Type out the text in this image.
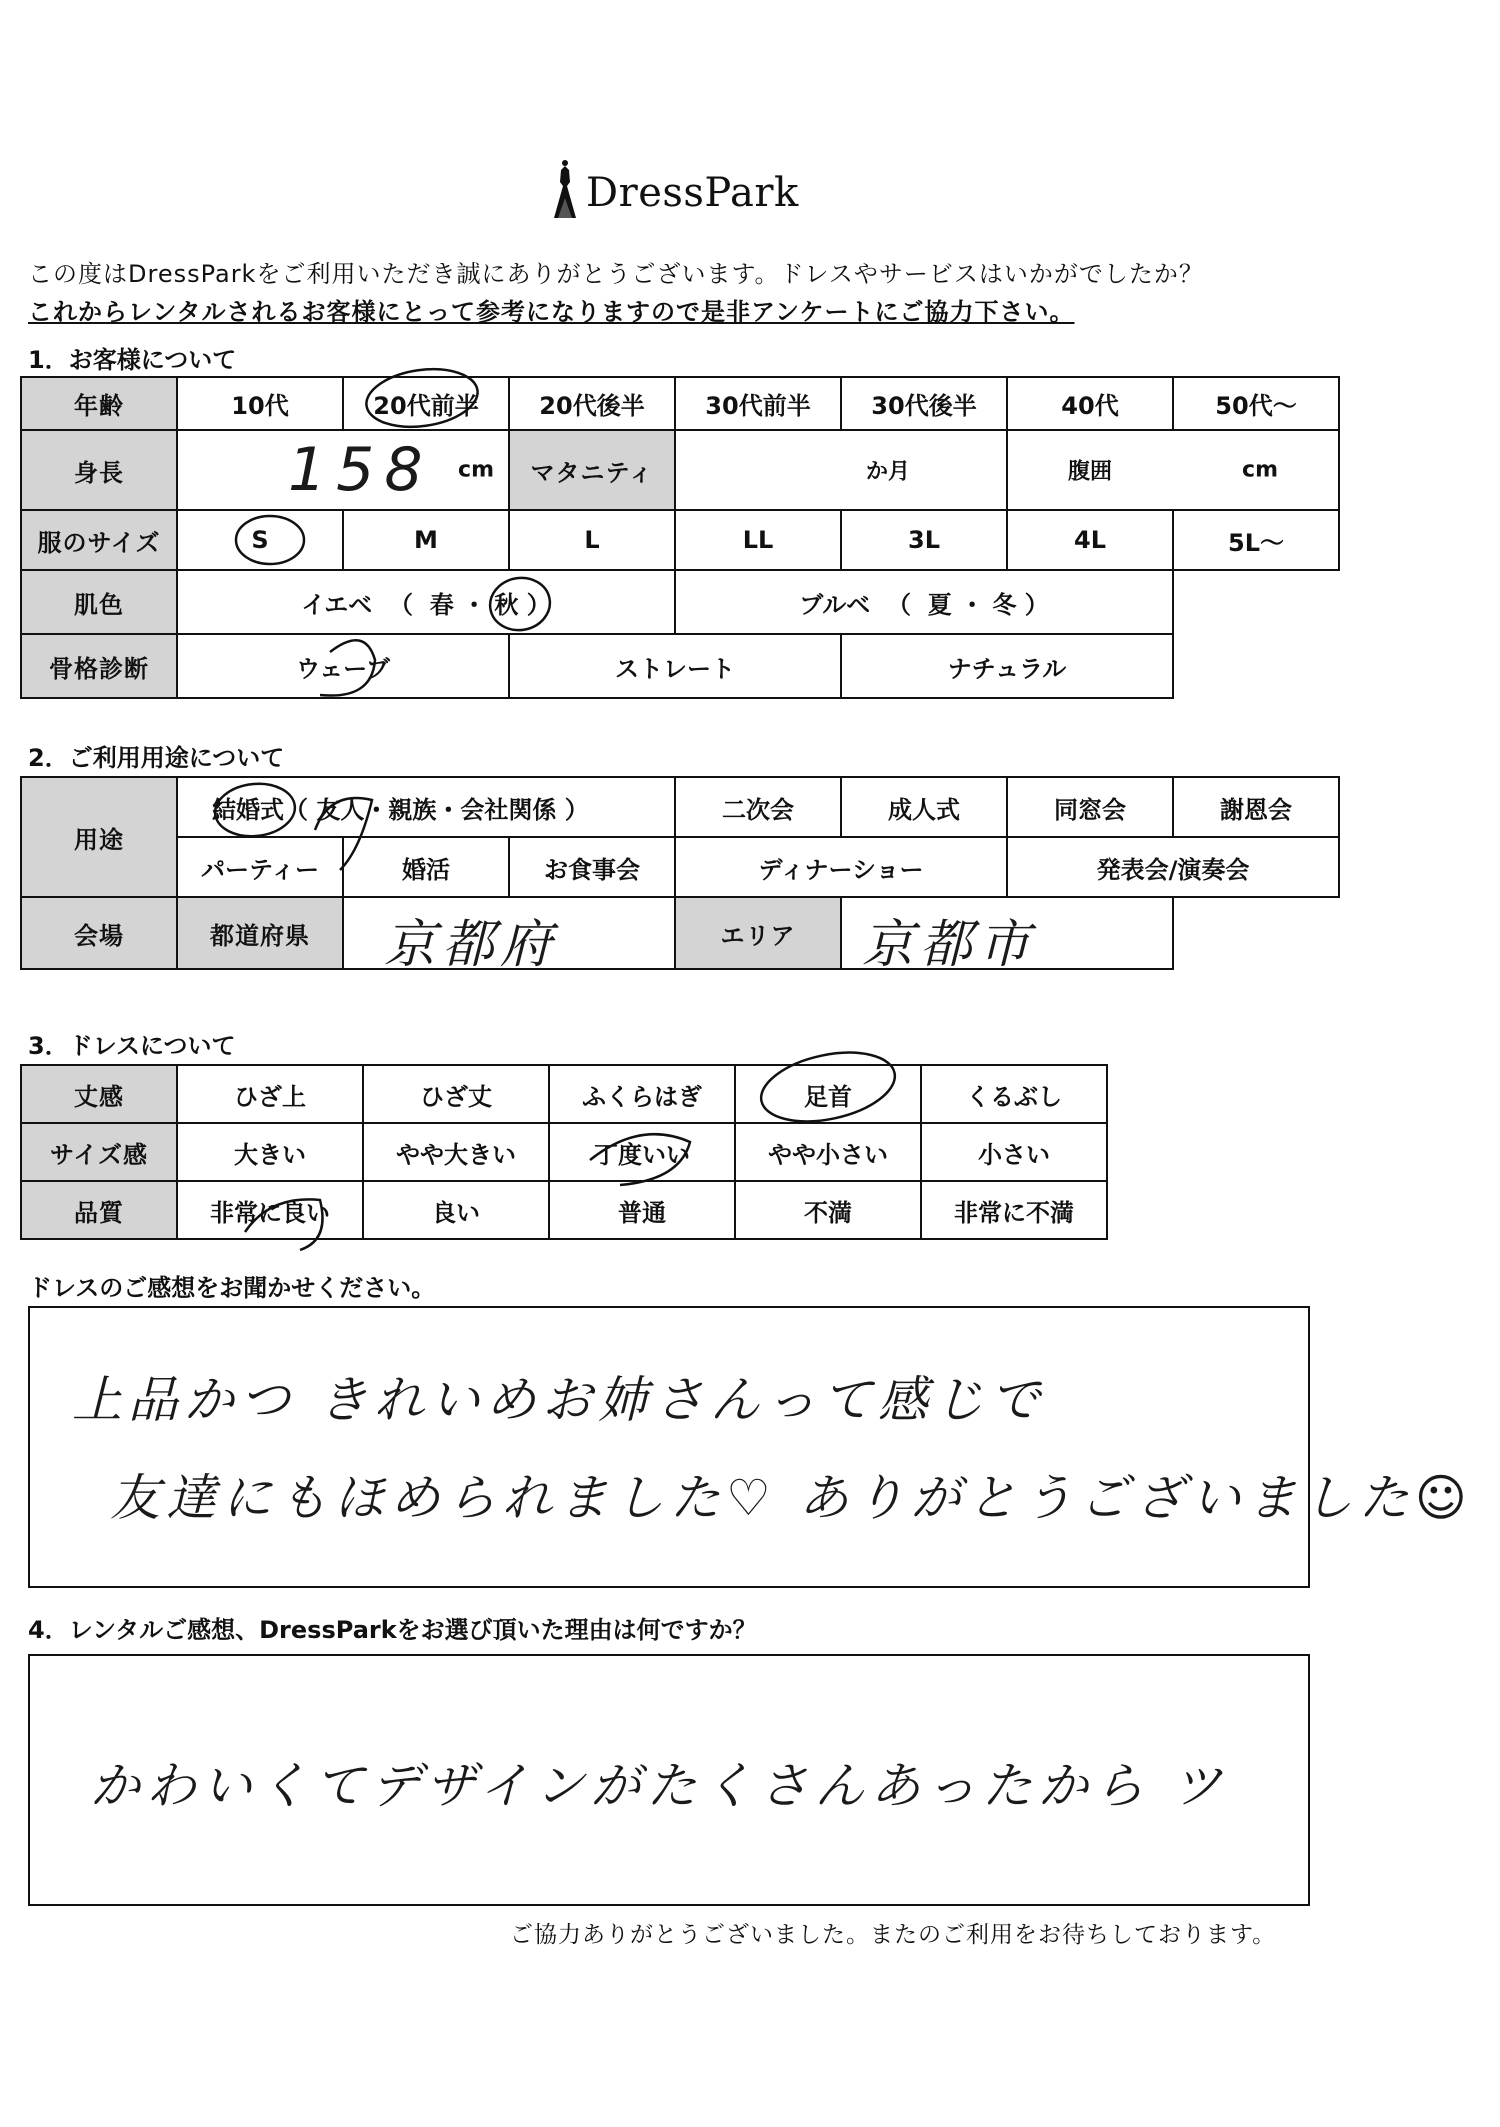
DressPark
この度はDressParkをご利用いただき誠にありがとうございます。ドレスやサービスはいかがでしたか？
これからレンタルされるお客様にとって参考になりますので是非アンケートにご協力下さい。
1．お客様について
年齢	10代	20代前半	20代後半	30代前半	30代後半	40代	50代～
身長	158 cm		マタニティ	か月		腹囲 cm	

服のサイズ	S	M	L	LL	3L	4L	5L～
肌色	イエベ （ 春 ・ 秋 ）			ブルベ （ 夏 ・ 冬 ）			
骨格診断	ウェーブ		ストレート		ナチュラル		
2．ご利用用途について
用途	結婚式（ 友人・親族・会社関係 ）			二次会	成人式	同窓会	謝恩会
	パーティー	婚活	お食事会	ディナーショー		発表会/演奏会	
会場	都道府県	京都府		エリア	京都市		

3．ドレスについて
丈感	ひざ上	ひざ丈	ふくらはぎ	足首	くるぶし
サイズ感	大きい	やや大きい	丁度いい	やや小さい	小さい
品質	非常に良い	良い	普通	不満	非常に不満
ドレスのご感想をお聞かせください。
上品かつ きれいめお姉さんって感じで
友達にもほめられました♡ ありがとうございました☺
4．レンタルご感想、DressParkをお選び頂いた理由は何ですか？
かわいくてデザインがたくさんあったから ツ
ご協力ありがとうございました。またのご利用をお待ちしております。
